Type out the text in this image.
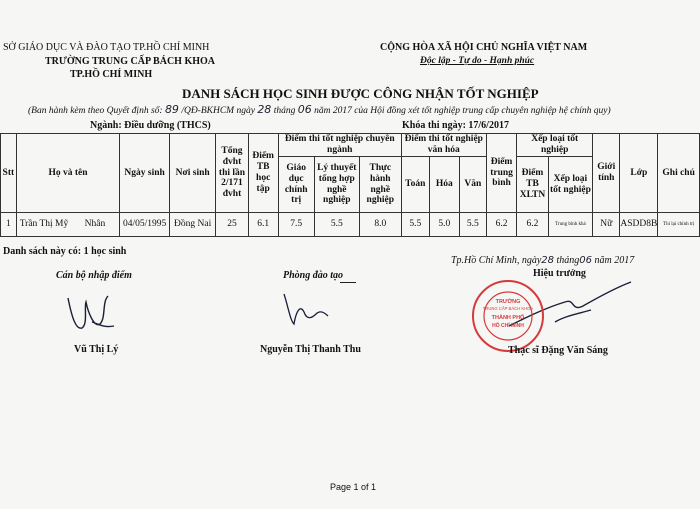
SỞ GIÁO DỤC VÀ ĐÀO TẠO TP.HỒ CHÍ MINH
TRƯỜNG TRUNG CẤP BÁCH KHOA
TP.HỒ CHÍ MINH
CỘNG HÒA XÃ HỘI CHỦ NGHĨA VIỆT NAM
Độc lập - Tự do - Hạnh phúc
DANH SÁCH HỌC SINH ĐƯỢC CÔNG NHẬN TỐT NGHIỆP
(Ban hành kèm theo Quyết định số: 89 /QĐ-BKHCM ngày 28 tháng 06 năm 2017 của Hội đồng xét tốt nghiệp trung cấp chuyên nghiệp hệ chính quy)
Ngành: Điều dưỡng (THCS)	Khóa thi ngày: 17/6/2017
Stt	Họ và tên	Ngày sinh	Nơi sinh	Tổng đvht thi lần 2/171 đvht	Điểm TB học tập	Điểm thi tốt nghiệp chuyên ngành			Điểm thi tốt nghiệp văn hóa			Điểm trung bình	Xếp loại tốt nghiệp		Giới tính	Lớp	Ghi chú
						Giáo dục chính trị	Lý thuyết tổng hợp nghề nghiệp	Thực hành nghề nghiệp	Toán	Hóa	Văn		Điểm TB XLTN	Xếp loại tốt nghiệp			
1	Trần Thị Mỹ Nhân	04/05/1995	Đồng Nai	25	6.1	7.5	5.5	8.0	5.5	5.0	5.5	6.2	6.2	Trung bình khá	Nữ	ASDD8B	Thi lại chính trị
Danh sách này có: 1 học sinh
Tp.Hồ Chí Minh, ngày28 tháng06 năm 2017
Cán bộ nhập điểm	Phòng đào tạo	Hiệu trưởng
TRƯỜNG
TRUNG CẤP BÁCH KHOA
THÀNH PHỐ
HỒ CHÍ MINH
Vũ Thị Lý	Nguyễn Thị Thanh Thu	Thạc sĩ Đặng Văn Sáng
Page 1 of 1
